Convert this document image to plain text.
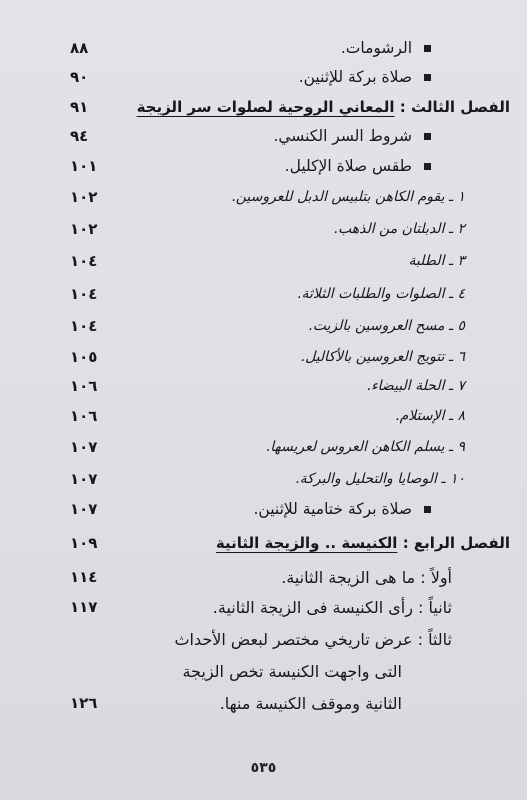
الرشومات.
٨٨
صلاة بركة للإثنين.
٩٠
الفصل الثالث :

المعاني الروحية لصلوات سر الزيجة
٩١
شروط السر الكنسي.
٩٤
طقس صلاة الإكليل.
١٠١
١ ـ يقوم الكاهن بتلبيس الدبل للعروسين.
١٠٢
٢ ـ الدبلتان من الذهب.
١٠٢
٣ ـ الطلبة
١٠٤
٤ ـ الصلوات والطلبات الثلاثة.
١٠٤
٥ ـ مسح العروسين بالزيت.
١٠٤
٦ ـ تتويج العروسين بالأكاليل.
١٠٥
٧ ـ الحلة البيضاء.
١٠٦
٨ ـ الإستلام.
١٠٦
٩ ـ يسلم الكاهن العروس لعريسها.
١٠٧
١٠ ـ الوصايا والتحليل والبركة.
١٠٧
صلاة بركة ختامية للإثنين.
١٠٧
الفصل الرابع :

الكنيسة .. والزيجة الثانية
١٠٩
أولاً : ما هى الزيجة الثانية.
١١٤
ثانياً : رأى الكنيسة فى الزيجة الثانية.
١١٧
ثالثاً : عرض تاريخي مختصر لبعض الأحداث
التى واجهت الكنيسة تخص الزيجة
الثانية وموقف الكنيسة منها.
١٢٦
٥٣٥
